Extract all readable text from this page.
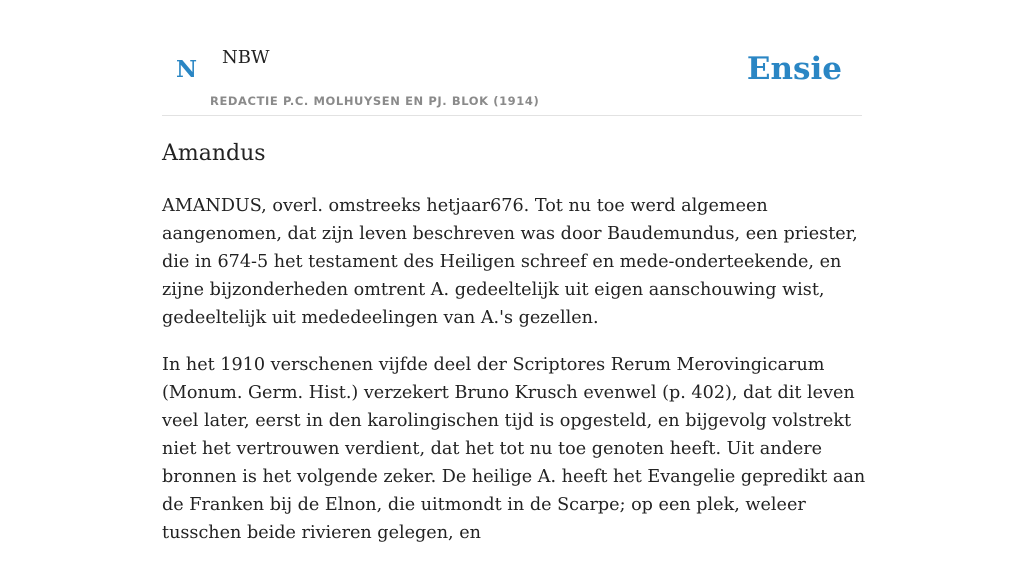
N NBW
REDACTIE P.C. MOLHUYSEN EN PJ. BLOK (1914)
Ensie
Amandus

AMANDUS, overl. omstreeks hetjaar676. Tot nu toe werd algemeen aangenomen, dat zijn leven beschreven was door Baudemundus, een priester, die in 674-5 het testament des Heiligen schreef en mede-onderteekende, en zijne bijzonderheden omtrent A. gedeeltelijk uit eigen aanschouwing wist, gedeeltelijk uit mededeelingen van A.'s gezellen.

In het 1910 verschenen vijfde deel der Scriptores Rerum Merovingicarum (Monum. Germ. Hist.) verzekert Bruno Krusch evenwel (p. 402), dat dit leven veel later, eerst in den karolingischen tijd is opgesteld, en bijgevolg volstrekt niet het vertrouwen verdient, dat het tot nu toe genoten heeft. Uit andere bronnen is het volgende zeker. De heilige A. heeft het Evangelie gepredikt aan de Franken bij de Elnon, die uitmondt in de Scarpe; op een plek, weleer tusschen beide rivieren gelegen, en
